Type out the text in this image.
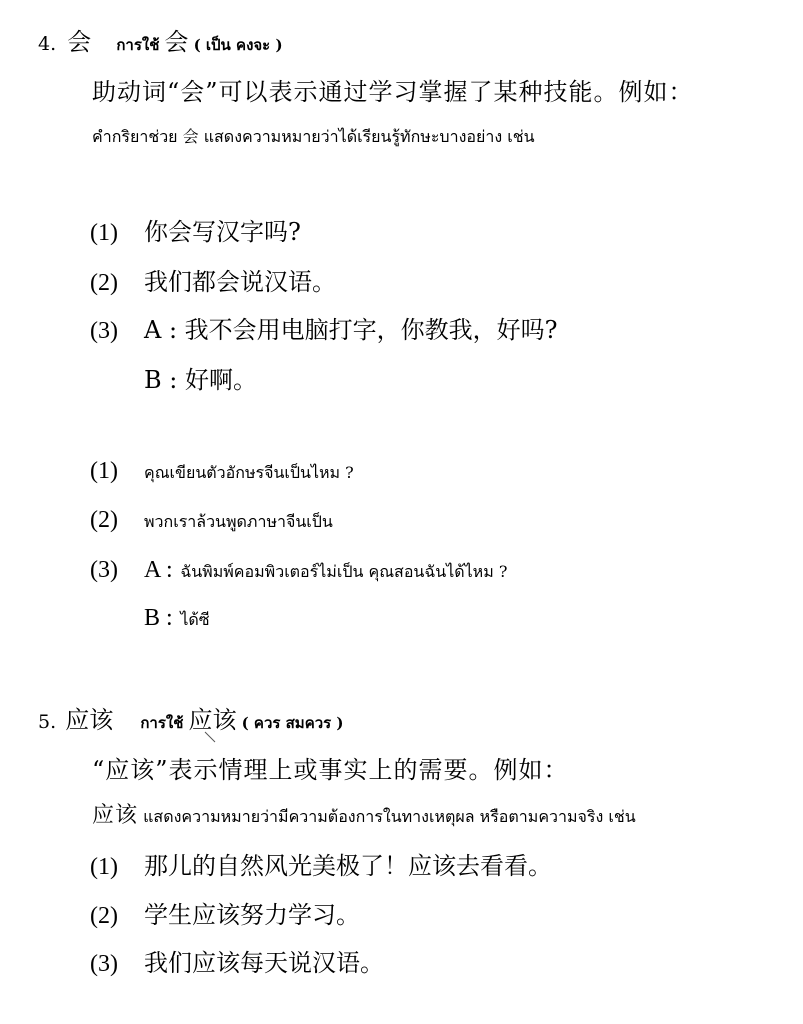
4. 会 การใช้ 会 ( เป็น คงจะ )
助动词“会”可以表示通过学习掌握了某种技能。例如：
คำกริยาช่วย 会 แสดงความหมายว่าได้เรียนรู้ทักษะบางอย่าง เช่น
(1) 你会写汉字吗?
(2) 我们都会说汉语。
(3) A : 我不会用电脑打字，你教我，好吗?
B : 好啊。
(1) คุณเขียนตัวอักษรจีนเป็นไหม ?
(2) พวกเราล้วนพูดภาษาจีนเป็น
(3) A : ฉันพิมพ์คอมพิวเตอร์ไม่เป็น คุณสอนฉันได้ไหม ?
B : ได้ซี
5. 应该 การใช้ 应该 ( ควร สมควร )
“应该”表示情理上或事实上的需要。例如：
应该 แสดงความหมายว่ามีความต้องการในทางเหตุผล หรือตามความจริง เช่น
(1) 那儿的自然风光美极了！应该去看看。
(2) 学生应该努力学习。
(3) 我们应该每天说汉语。
